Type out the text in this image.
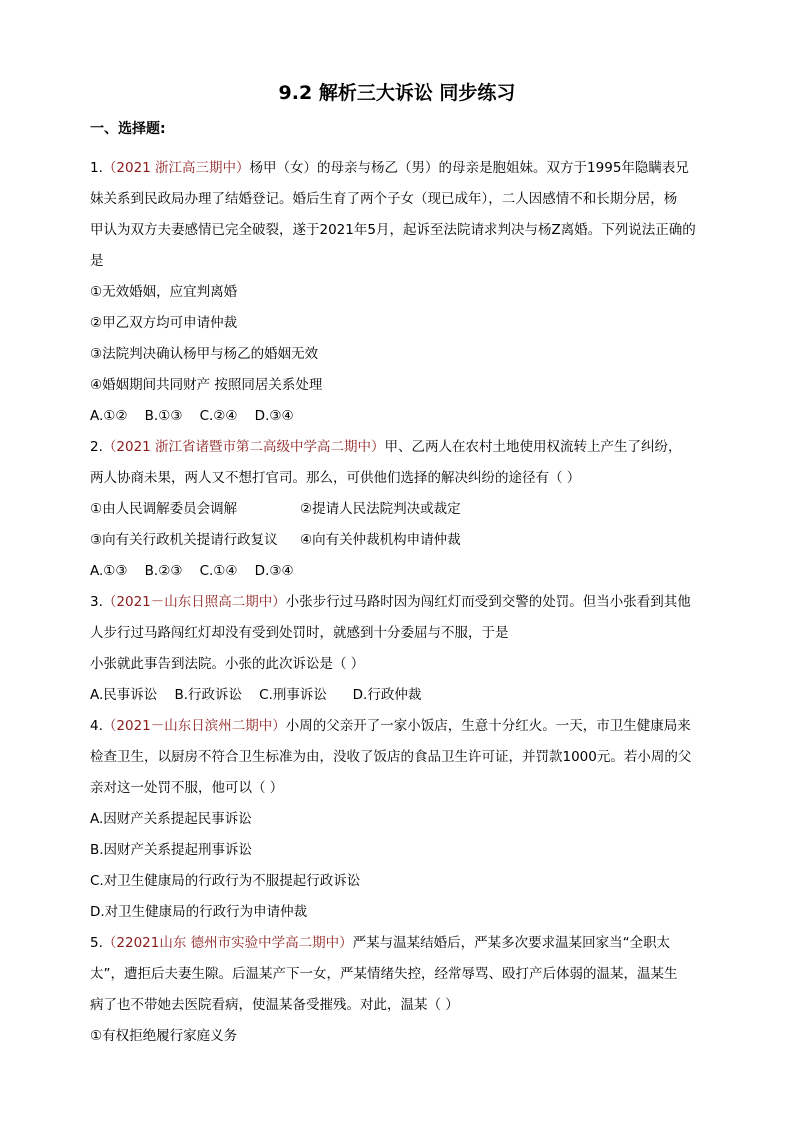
9.2 解析三大诉讼 同步练习
一、选择题:
1.（2021 浙江高三期中）杨甲（女）的母亲与杨乙（男）的母亲是胞姐妹。双方于1995年隐瞒表兄
妹关系到民政局办理了结婚登记。婚后生育了两个子女（现已成年），二人因感情不和长期分居，杨
甲认为双方夫妻感情已完全破裂，遂于2021年5月，起诉至法院请求判决与杨Z离婚。下列说法正确的
是
①无效婚姻，应宜判离婚
②甲乙双方均可申请仲裁
③法院判决确认杨甲与杨乙的婚姻无效
④婚姻期间共同财产 按照同居关系处理
A.①②    B.①③    C.②④    D.③④
2.（2021 浙江省诸暨市第二高级中学高二期中）甲、乙两人在农村土地使用权流转上产生了纠纷，
两人协商未果，两人又不想打官司。那么，可供他们选择的解决纠纷的途径有（ ）
①由人民调解委员会调解	②提请人民法院判决或裁定
③向有关行政机关提请行政复议 ④向有关仲裁机构申请仲裁
A.①③    B.②③    C.①④    D.③④
3.（2021－山东日照高二期中）小张步行过马路时因为闯红灯而受到交警的处罚。但当小张看到其他
人步行过马路闯红灯却没有受到处罚时，就感到十分委屈与不服，于是
小张就此事告到法院。小张的此次诉讼是（ ）
A.民事诉讼    B.行政诉讼    C.刑事诉讼      D.行政仲裁
4.（2021－山东日滨州二期中）小周的父亲开了一家小饭店，生意十分红火。一天，市卫生健康局来
检查卫生，以厨房不符合卫生标准为由，没收了饭店的食品卫生许可证，并罚款1000元。若小周的父
亲对这一处罚不服，他可以（ ）
A.因财产关系提起民事诉讼
B.因财产关系提起刑事诉讼
C.对卫生健康局的行政行为不服提起行政诉讼
D.对卫生健康局的行政行为申请仲裁
5.（22021山东 德州市实验中学高二期中）严某与温某结婚后，严某多次要求温某回家当“全职太
太”，遭拒后夫妻生隙。后温某产下一女，严某情绪失控，经常辱骂、殴打产后体弱的温某，温某生
病了也不带她去医院看病，使温某备受摧残。对此，温某（ ）
①有权拒绝履行家庭义务
